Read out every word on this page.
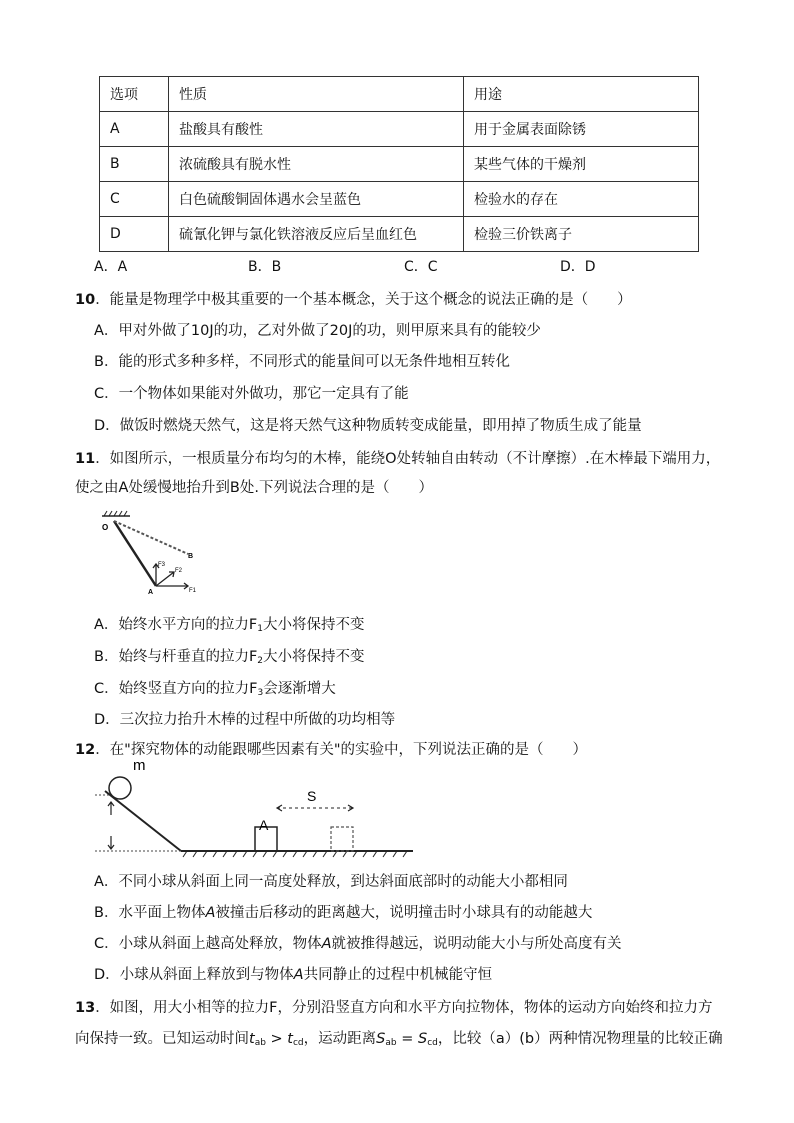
选项	性质	用途
A	盐酸具有酸性	用于金属表面除锈
B	浓硫酸具有脱水性	某些气体的干燥剂
C	白色硫酸铜固体遇水会呈蓝色	检验水的存在
D	硫氰化钾与氯化铁溶液反应后呈血红色	检验三价铁离子
A．A	B．B	C．C	D．D
10．能量是物理学中极其重要的一个基本概念，关于这个概念的说法正确的是（　　）
A．甲对外做了10J的功，乙对外做了20J的功，则甲原来具有的能较少
B．能的形式多种多样，不同形式的能量间可以无条件地相互转化
C．一个物体如果能对外做功，那它一定具有了能
D．做饭时燃烧天然气，这是将天然气这种物质转变成能量，即用掉了物质生成了能量
11．如图所示，一根质量分布均匀的木棒，能绕O处转轴自由转动（不计摩擦）.在木棒最下端用力，
使之由A处缓慢地抬升到B处.下列说法合理的是（　　）
O
B
A	F1
F2
F3
A．始终水平方向的拉力$F_1$大小将保持不变
B．始终与杆垂直的拉力$F_2$大小将保持不变
C．始终竖直方向的拉力$F_3$会逐渐增大
D．三次拉力抬升木棒的过程中所做的功均相等
12．在"探究物体的动能跟哪些因素有关"的实验中，下列说法正确的是（　　）
m
S
A
A．不同小球从斜面上同一高度处释放，到达斜面底部时的动能大小都相同
B．水平面上物体A被撞击后移动的距离越大，说明撞击时小球具有的动能越大
C．小球从斜面上越高处释放，物体A就被推得越远，说明动能大小与所处高度有关
D．小球从斜面上释放到与物体A共同静止的过程中机械能守恒
13．如图，用大小相等的拉力F，分别沿竖直方向和水平方向拉物体，物体的运动方向始终和拉力方
向保持一致。已知运动时间$t_{ab} > t_{cd}$，运动距离$S_{ab} = S_{cd}$，比较（a）(b）两种情况物理量的比较正确
